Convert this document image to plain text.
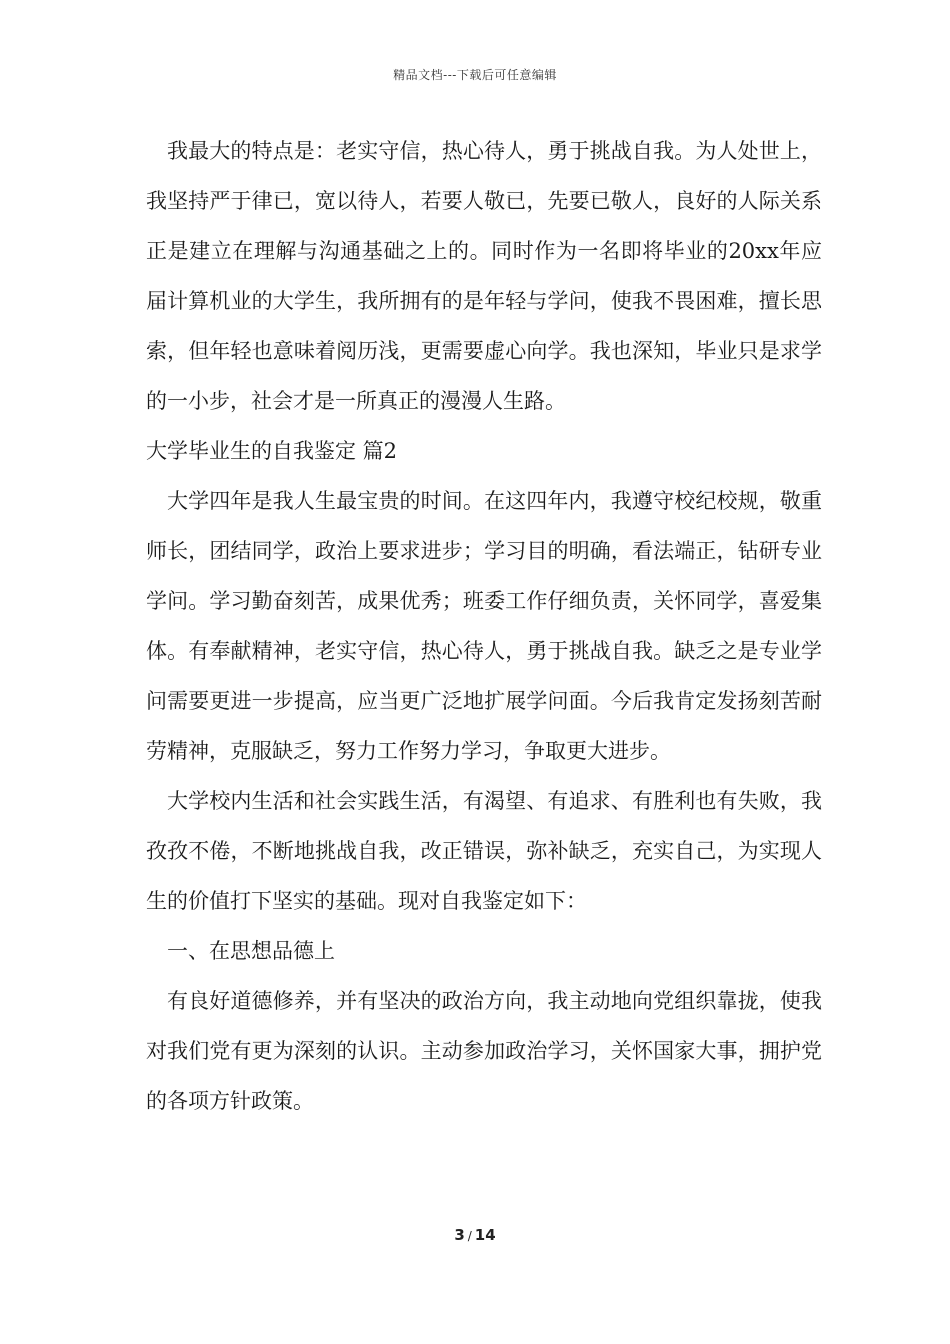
精品文档---下载后可任意编辑

我最大的特点是：老实守信，热心待人，勇于挑战自我。为人处世上，我坚持严于律已，宽以待人，若要人敬已，先要已敬人，良好的人际关系正是建立在理解与沟通基础之上的。同时作为一名即将毕业的20xx年应届计算机业的大学生，我所拥有的是年轻与学问，使我不畏困难，擅长思索，但年轻也意味着阅历浅，更需要虚心向学。我也深知，毕业只是求学的一小步，社会才是一所真正的漫漫人生路。

大学毕业生的自我鉴定 篇2

大学四年是我人生最宝贵的时间。在这四年内，我遵守校纪校规，敬重师长，团结同学，政治上要求进步；学习目的明确，看法端正，钻研专业学问。学习勤奋刻苦，成果优秀；班委工作仔细负责，关怀同学，喜爱集体。有奉献精神，老实守信，热心待人，勇于挑战自我。缺乏之是专业学问需要更进一步提高，应当更广泛地扩展学问面。今后我肯定发扬刻苦耐劳精神，克服缺乏，努力工作努力学习，争取更大进步。

大学校内生活和社会实践生活，有渴望、有追求、有胜利也有失败，我孜孜不倦，不断地挑战自我，改正错误，弥补缺乏，充实自己，为实现人生的价值打下坚实的基础。现对自我鉴定如下：

一、在思想品德上

有良好道德修养，并有坚决的政治方向，我主动地向党组织靠拢，使我对我们党有更为深刻的认识。主动参加政治学习，关怀国家大事，拥护党的各项方针政策。

3 / 14
